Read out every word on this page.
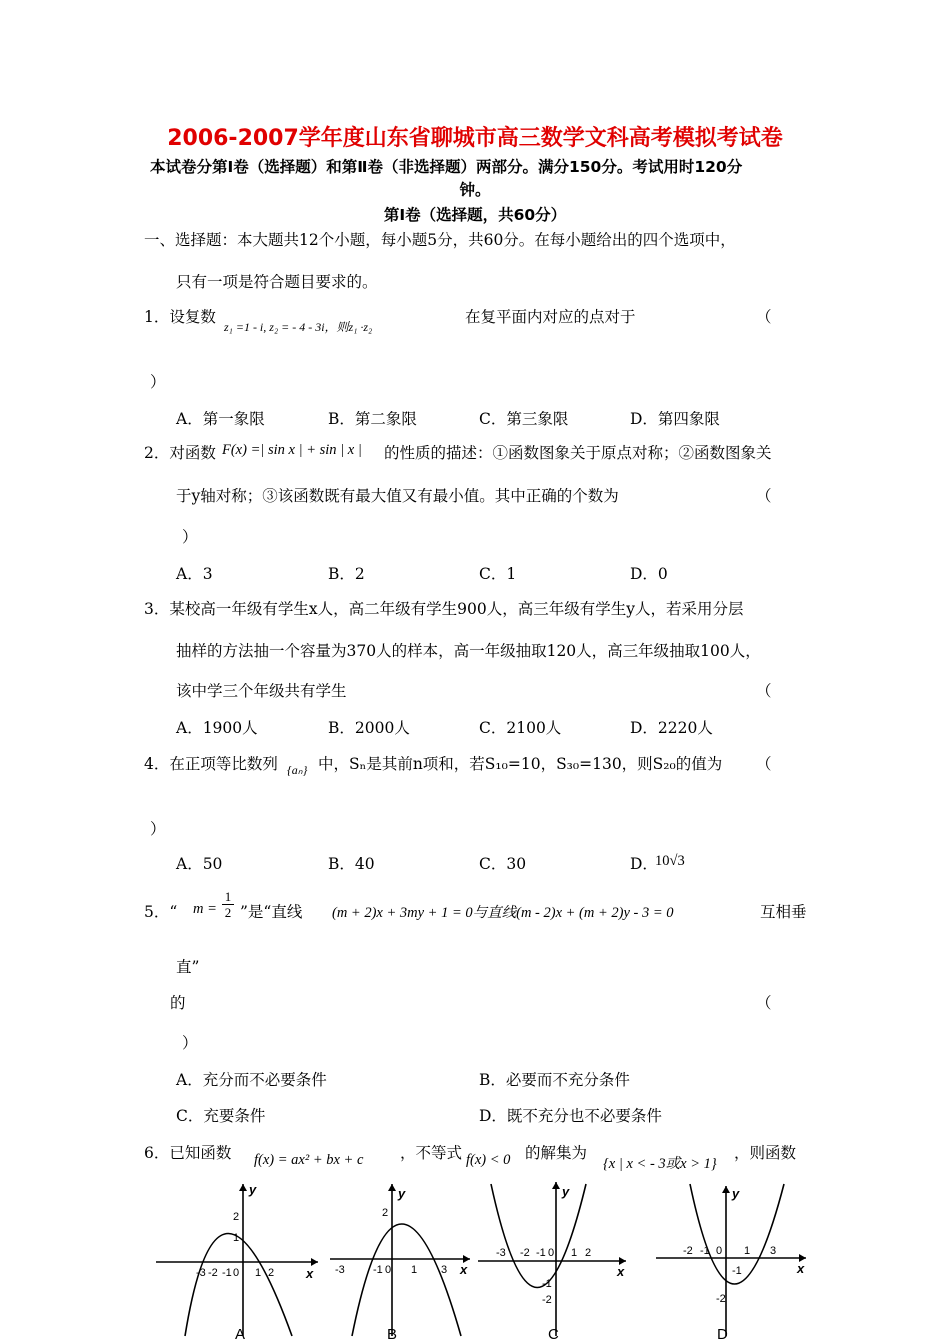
2006-2007学年度山东省聊城市高三数学文科高考模拟考试卷
本试卷分第Ⅰ卷（选择题）和第Ⅱ卷（非选择题）两部分。满分150分。考试用时120分
钟。
第Ⅰ卷（选择题，共60分）
一、选择题：本大题共12个小题，每小题5分，共60分。在每小题给出的四个选项中，
只有一项是符合题目要求的。
1．设复数
z₁ =1 - i, z₂ = - 4 - 3i，则z₁ ·z₂
在复平面内对应的点对于	（
）
A．第一象限	B．第二象限	C．第三象限	D．第四象限
2．对函数 F(x) =| sin x | + sin | x | 的性质的描述：①函数图象关于原点对称；②函数图象关
于y轴对称；③该函数既有最大值又有最小值。其中正确的个数为	（
）
A．3	B．2	C．1	D．0
3．某校高一年级有学生x人，高二年级有学生900人，高三年级有学生y人，若采用分层
抽样的方法抽一个容量为370人的样本，高一年级抽取120人，高三年级抽取100人，
该中学三个年级共有学生	（
A．1900人	B．2000人	C．2100人	D．2220人
4．在正项等比数列 {aₙ} 中，Sₙ是其前n项和，若S₁₀=10，S₃₀=130，则S₂₀的值为 （
）
A．50	B．40	C．30	D．
10√3
5．“ $m = \frac{1}{2}$ ”是“直线 (m + 2)x + 3my + 1 = 0与直线(m - 2)x + (m + 2)y - 3 = 0	互相垂
直”
的	（
）
A．充分而不必要条件	B．必要而不充分条件
C．充要条件	D．既不充分也不必要条件
6．已知函数 f(x) = ax² + bx + c ，不等式 f(x) < 0 的解集为
{x | x < - 3或x > 1}
，则函数
-3 -2 -1 0 1 2
2
1
-3	-1 0 1 3
2
-3 -2 -1 0 1 2
-1
-2
-2 -1 0 1 3
-1
-2
y
x
y
x
y
x
y
x
A	B	C	D
